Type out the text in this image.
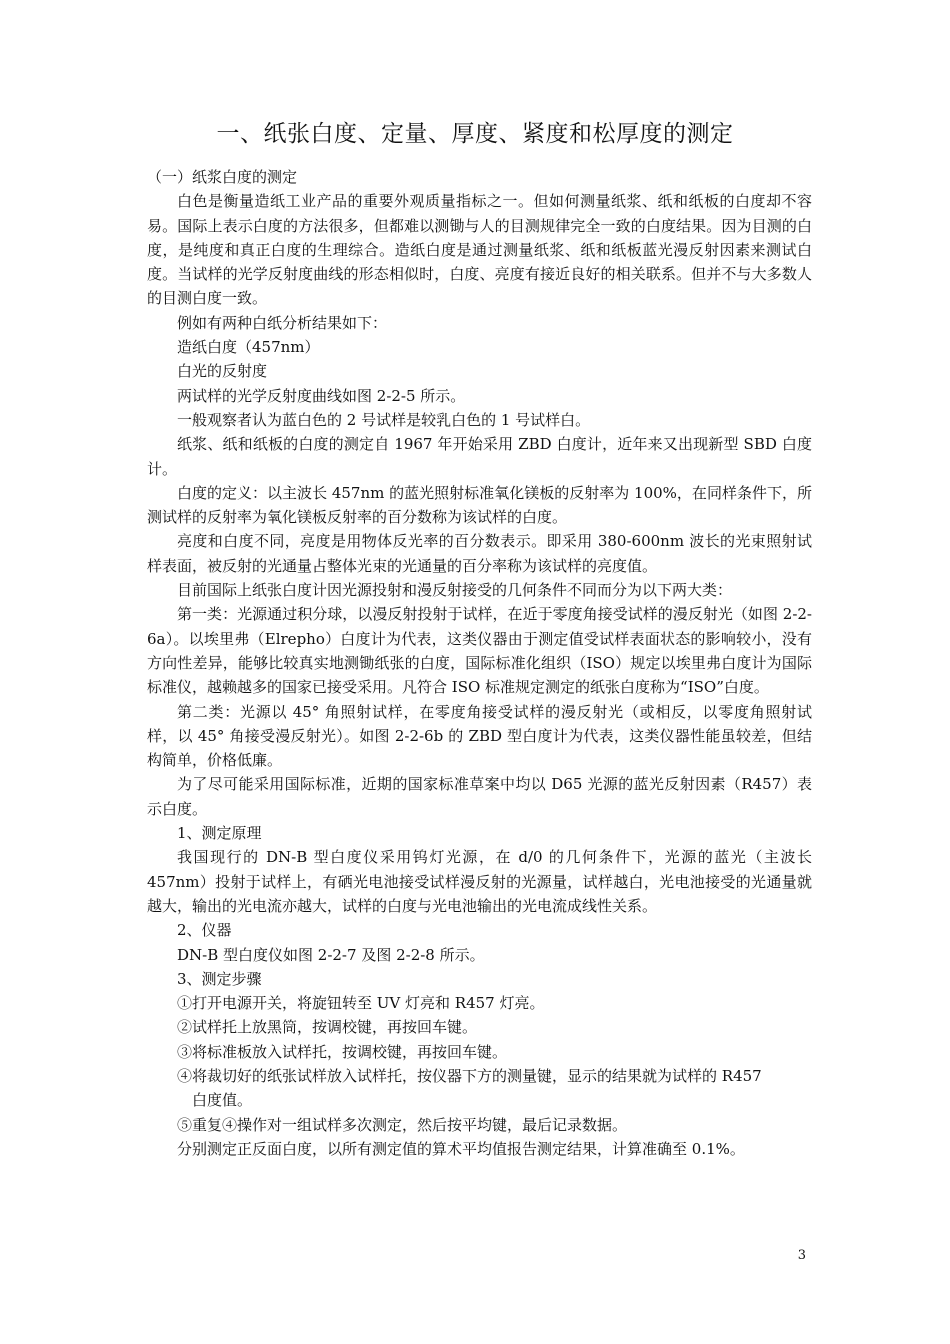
一、纸张白度、定量、厚度、紧度和松厚度的测定

（一）纸浆白度的测定

白色是衡量造纸工业产品的重要外观质量指标之一。但如何测量纸浆、纸和纸板的白度却不容易。国际上表示白度的方法很多，但都难以测锄与人的目测规律完全一致的白度结果。因为目测的白度，是纯度和真正白度的生理综合。造纸白度是通过测量纸浆、纸和纸板蓝光漫反射因素来测试白度。当试样的光学反射度曲线的形态相似时，白度、亮度有接近良好的相关联系。但并不与大多数人的目测白度一致。

例如有两种白纸分析结果如下：

造纸白度（457nm）

白光的反射度

两试样的光学反射度曲线如图 2-2-5 所示。

一般观察者认为蓝白色的 2 号试样是较乳白色的 1 号试样白。

纸浆、纸和纸板的白度的测定自 1967 年开始采用 ZBD 白度计，近年来又出现新型 SBD 白度计。

白度的定义：以主波长 457nm 的蓝光照射标准氧化镁板的反射率为 100%，在同样条件下，所测试样的反射率为氧化镁板反射率的百分数称为该试样的白度。

亮度和白度不同，亮度是用物体反光率的百分数表示。即采用 380-600nm 波长的光束照射试样表面，被反射的光通量占整体光束的光通量的百分率称为该试样的亮度值。

目前国际上纸张白度计因光源投射和漫反射接受的几何条件不同而分为以下两大类：

第一类：光源通过积分球，以漫反射投射于试样，在近于零度角接受试样的漫反射光（如图 2-2-6a）。以埃里弗（Elrepho）白度计为代表，这类仪器由于测定值受试样表面状态的影响较小，没有方向性差异，能够比较真实地测锄纸张的白度，国际标准化组织（ISO）规定以埃里弗白度计为国际标准仪，越赖越多的国家已接受采用。凡符合 ISO 标准规定测定的纸张白度称为“ISO”白度。

第二类：光源以 45° 角照射试样，在零度角接受试样的漫反射光（或相反，以零度角照射试样，以 45° 角接受漫反射光）。如图 2-2-6b 的 ZBD 型白度计为代表，这类仪器性能虽较差，但结构简单，价格低廉。

为了尽可能采用国际标准，近期的国家标准草案中均以 D65 光源的蓝光反射因素（R457）表示白度。

1、测定原理

我国现行的 DN-B 型白度仪采用钨灯光源，在 d/0 的几何条件下，光源的蓝光（主波长 457nm）投射于试样上，有硒光电池接受试样漫反射的光源量，试样越白，光电池接受的光通量就越大，输出的光电流亦越大，试样的白度与光电池输出的光电流成线性关系。

2、仪器

DN-B 型白度仪如图 2-2-7 及图 2-2-8 所示。

3、测定步骤

①打开电源开关，将旋钮转至 UV 灯亮和 R457 灯亮。

②试样托上放黑筒，按调校键，再按回车键。

③将标准板放入试样托，按调校键，再按回车键。

④将裁切好的纸张试样放入试样托，按仪器下方的测量键，显示的结果就为试样的 R457
白度值。

⑤重复④操作对一组试样多次测定，然后按平均键，最后记录数据。

分别测定正反面白度，以所有测定值的算术平均值报告测定结果，计算准确至 0.1%。

3
